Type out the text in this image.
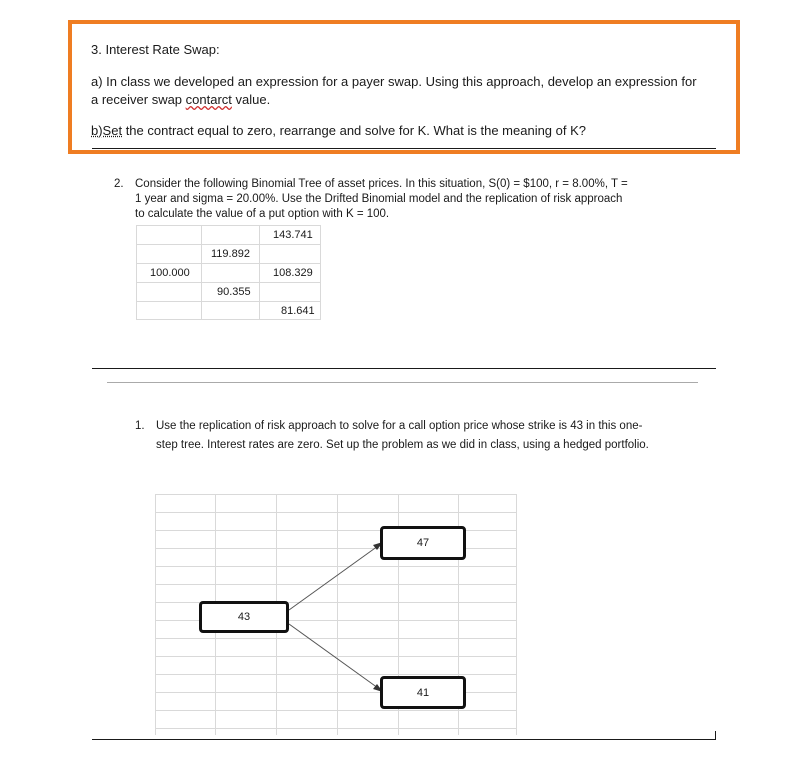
3. Interest Rate Swap:
a) In class we developed an expression for a payer swap. Using this approach, develop an expression for
a receiver swap contarct value.
b)Set the contract equal to zero, rearrange and solve for K. What is the meaning of K?
2. Consider the following Binomial Tree of asset prices. In this situation, S(0) = $100, r = 8.00%, T =
1 year and sigma = 20.00%. Use the Drifted Binomial model and the replication of risk approach
to calculate the value of a put option with K = 100.
143.741
119.892
100.000	108.329
90.355
81.641
1. Use the replication of risk approach to solve for a call option price whose strike is 43 in this one-
step tree. Interest rates are zero. Set up the problem as we did in class, using a hedged portfolio.
43
47
41
